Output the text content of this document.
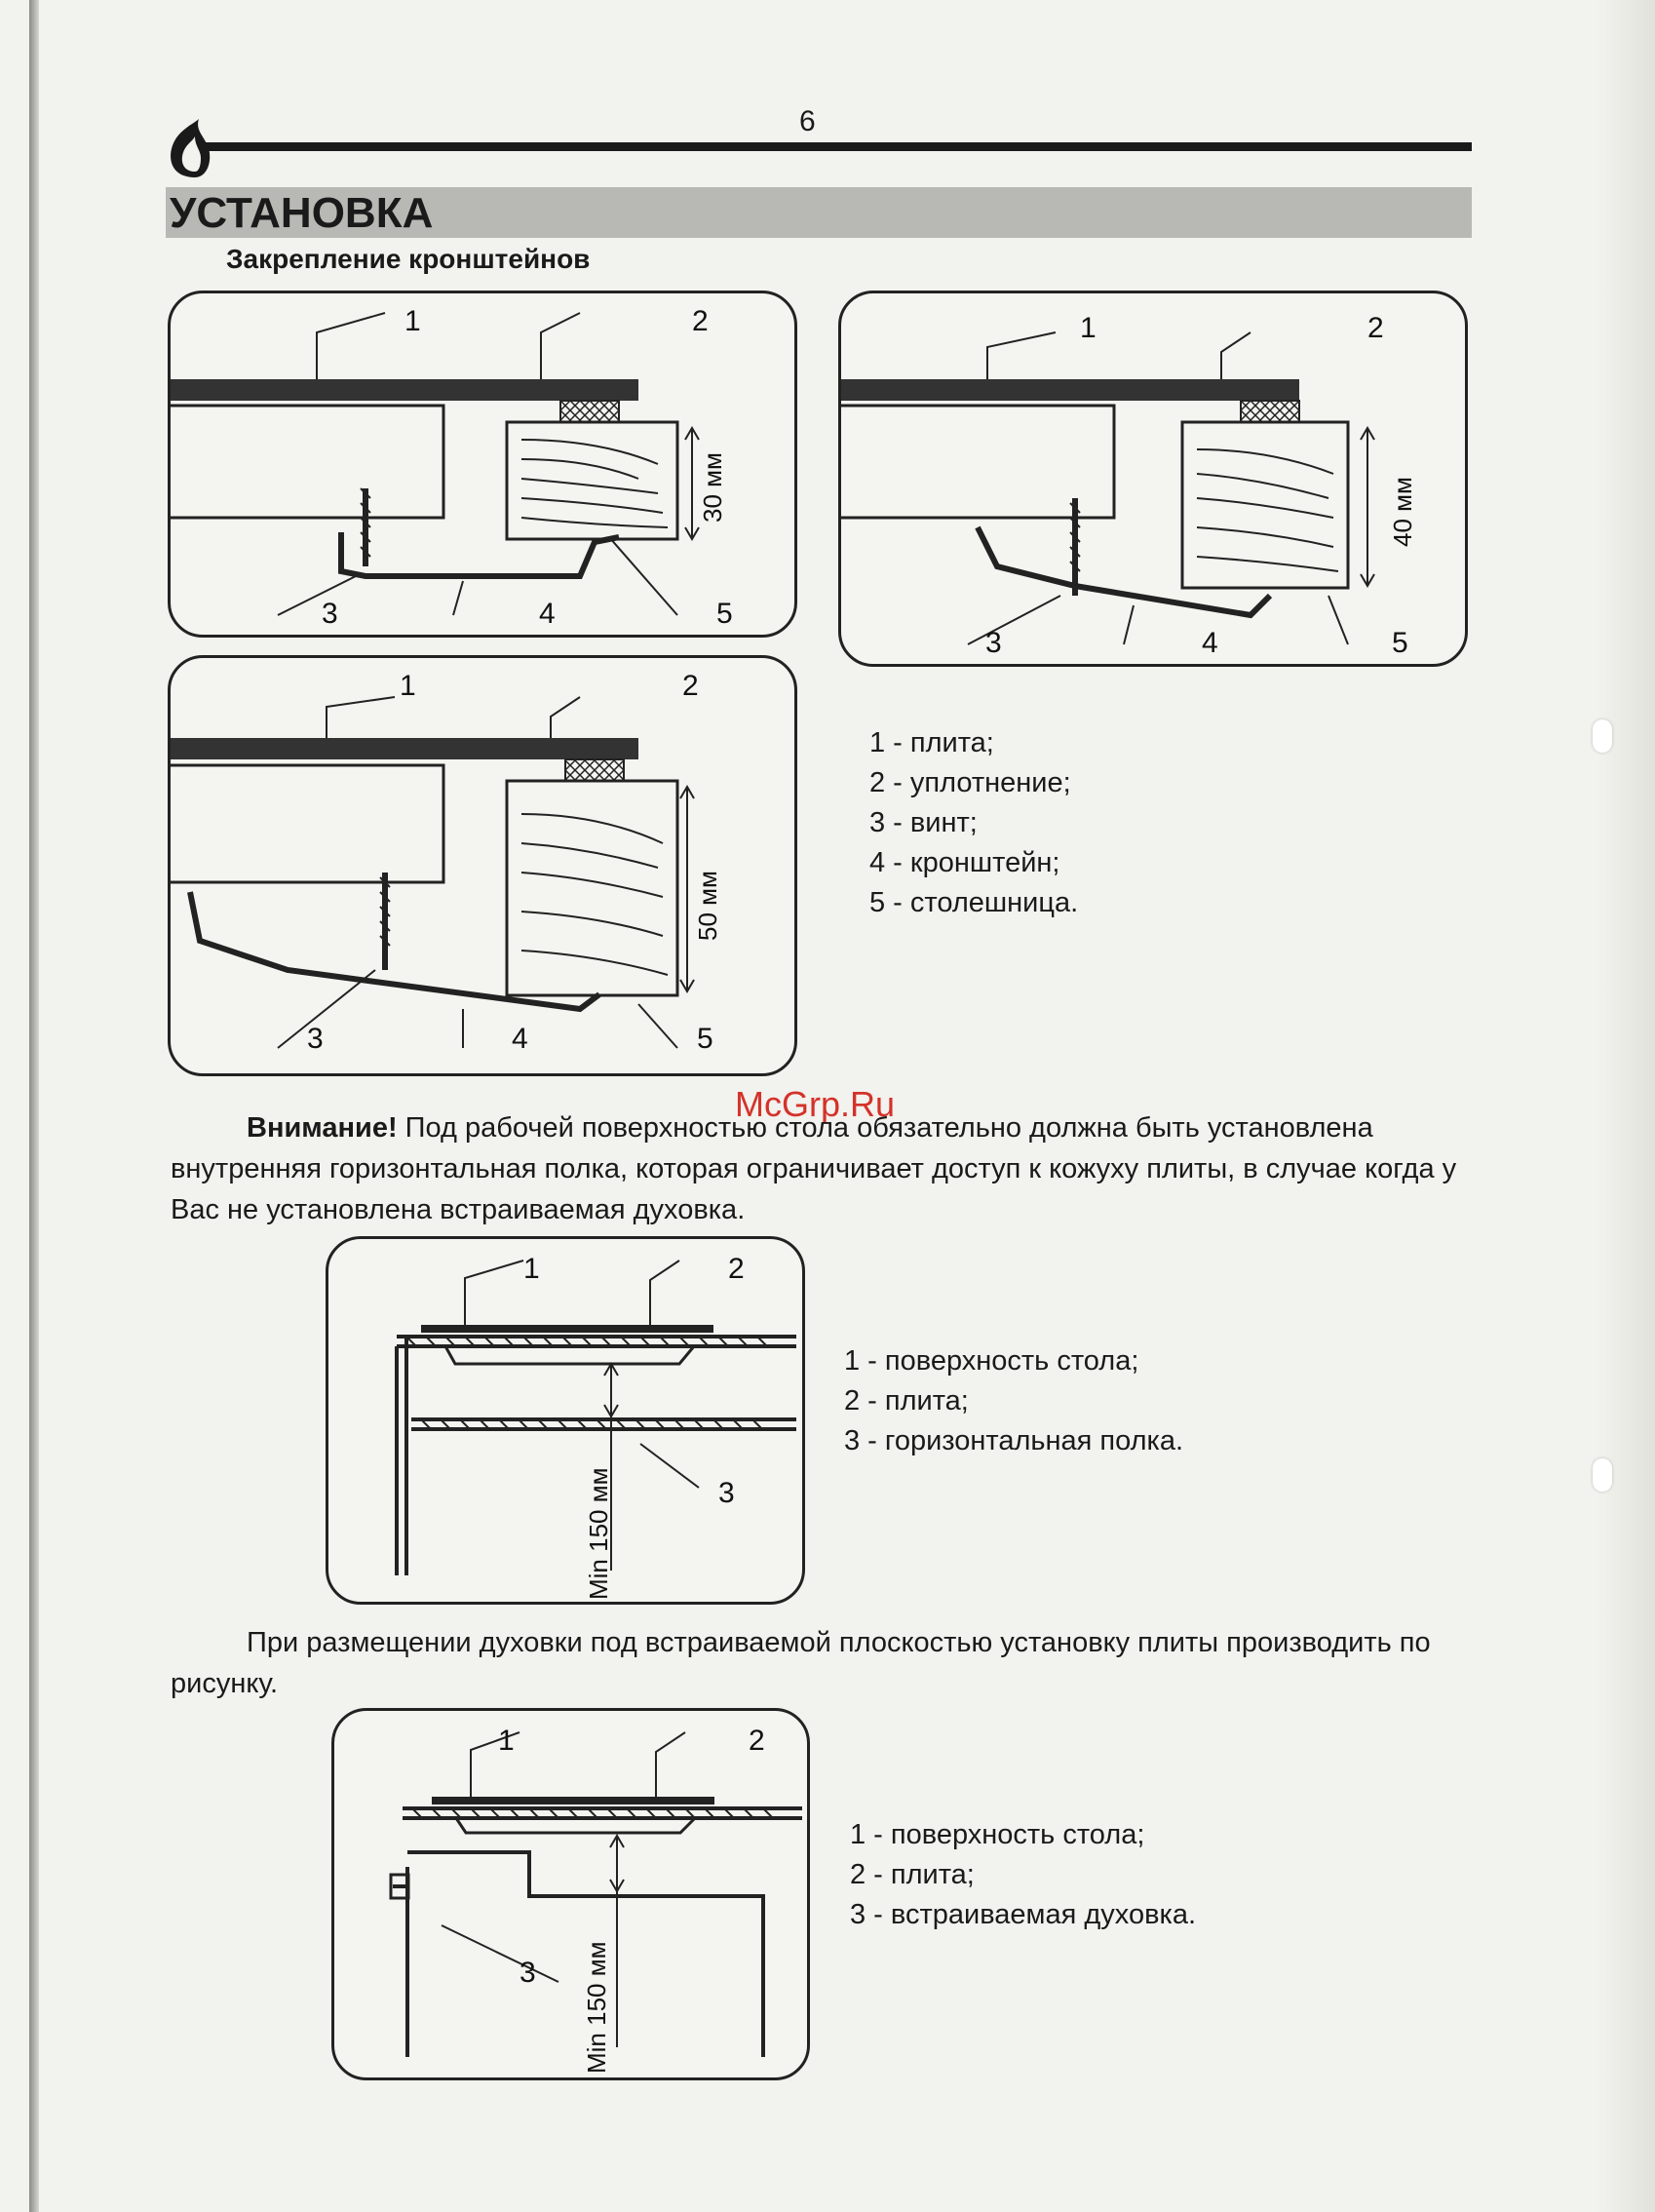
6
УСТАНОВКА
Закрепление кронштейнов
1	2
3	4	5
30 мм
1	2
3	4	5
40 мм
1	2
3	4	5
50 мм
1 - плита;
2 - уплотнение;
3 - винт;
4 - кронштейн;
5 - столешница.
McGrp.Ru
Внимание! Под рабочей поверхностью стола обязательно должна быть установлена внутренняя горизонтальная полка, которая ограничивает доступ к кожуху плиты, в случае когда у Вас не установлена встраиваемая духовка.
1	2
3
Min 150 мм
1 - поверхность стола;
2 - плита;
3 - горизонтальная полка.
При размещении духовки под встраиваемой плоскостью установку плиты производить по рисунку.
1	2
3 Min 150 мм
1 - поверхность стола;
2 - плита;
3 - встраиваемая духовка.
